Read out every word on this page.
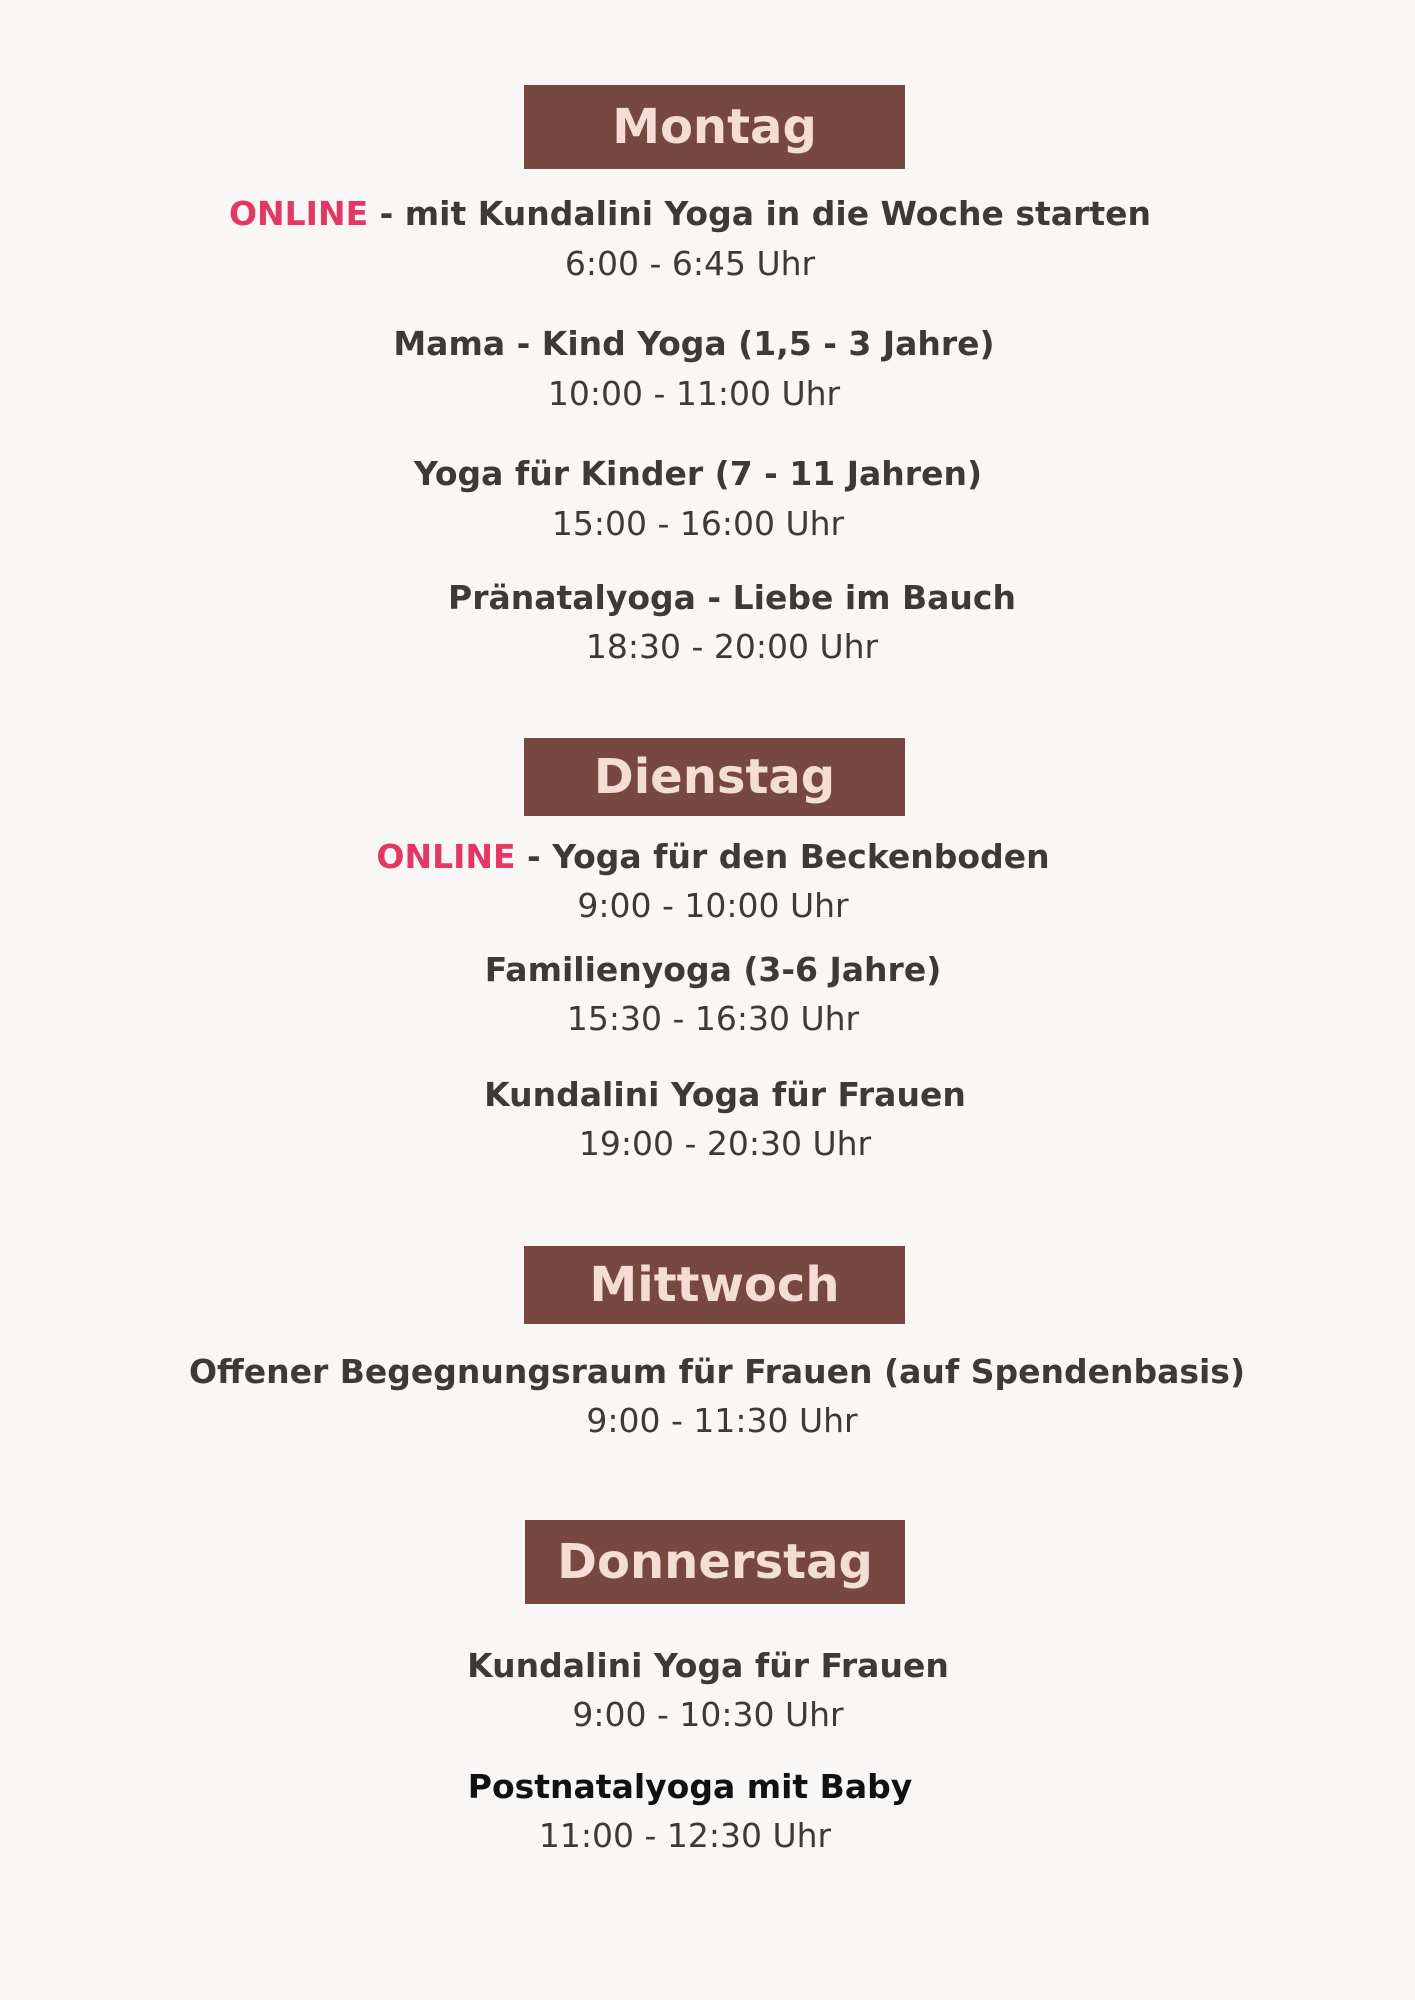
Montag
ONLINE - mit Kundalini Yoga in die Woche starten
6:00 - 6:45 Uhr
Mama - Kind Yoga (1,5 - 3 Jahre)
10:00 - 11:00 Uhr
Yoga für Kinder (7 - 11 Jahren)
15:00 - 16:00 Uhr
Pränatalyoga - Liebe im Bauch
18:30 - 20:00 Uhr
Dienstag
ONLINE - Yoga für den Beckenboden
9:00 - 10:00 Uhr
Familienyoga (3-6 Jahre)
15:30 - 16:30 Uhr
Kundalini Yoga für Frauen
19:00 - 20:30 Uhr
Mittwoch
Offener Begegnungsraum für Frauen (auf Spendenbasis)
9:00 - 11:30 Uhr
Donnerstag
Kundalini Yoga für Frauen
9:00 - 10:30 Uhr
Postnatalyoga mit Baby
11:00 - 12:30 Uhr
